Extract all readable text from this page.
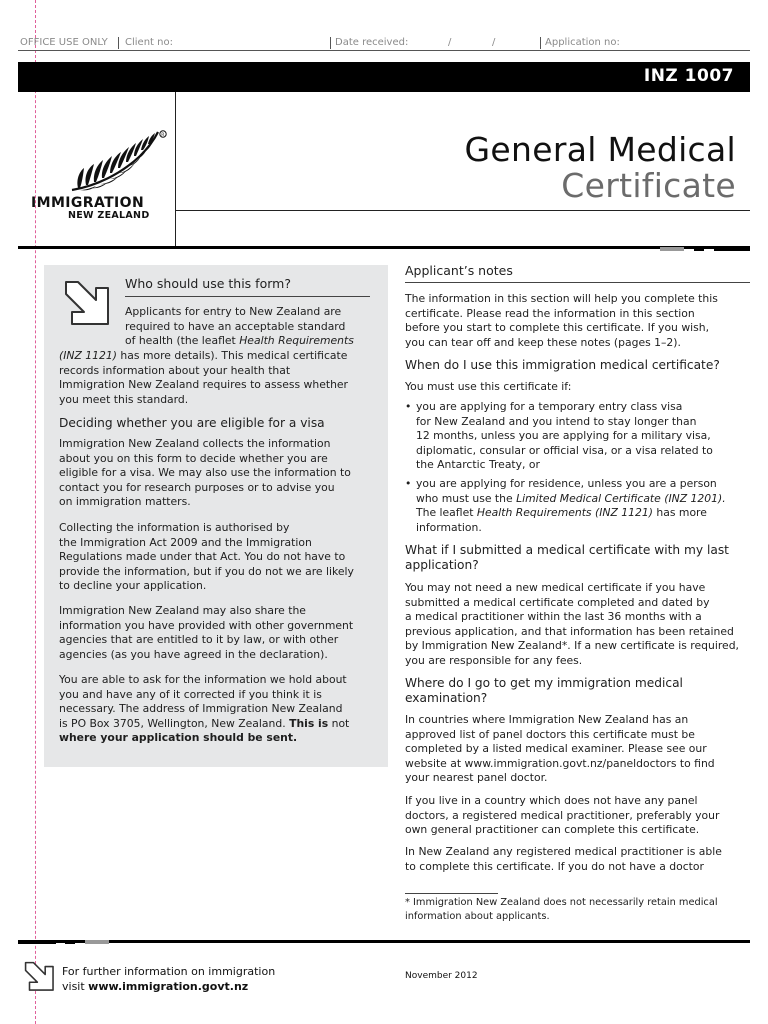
OFFICE USE ONLY Client no:	Date received:	/	/	Application no:
INZ 1007
R
IMMIGRATION
NEW ZEALAND
General Medical
Certificate
Who should use this form?
Applicants for entry to New Zealand are
required to have an acceptable standard
of health (the leaflet Health Requirements
(INZ 1121) has more details). This medical certificate
records information about your health that
Immigration New Zealand requires to assess whether
you meet this standard.
Deciding whether you are eligible for a visa
Immigration New Zealand collects the information
about you on this form to decide whether you are
eligible for a visa. We may also use the information to
contact you for research purposes or to advise you
on immigration matters.
Collecting the information is authorised by
the Immigration Act 2009 and the Immigration
Regulations made under that Act. You do not have to
provide the information, but if you do not we are likely
to decline your application.
Immigration New Zealand may also share the
information you have provided with other government
agencies that are entitled to it by law, or with other
agencies (as you have agreed in the declaration).
You are able to ask for the information we hold about
you and have any of it corrected if you think it is
necessary. The address of Immigration New Zealand
is PO Box 3705, Wellington, New Zealand. This is not
where your application should be sent.
Applicant’s notes
The information in this section will help you complete this
certificate. Please read the information in this section
before you start to complete this certificate. If you wish,
you can tear off and keep these notes (pages 1–2).
When do I use this immigration medical certificate?
You must use this certificate if:
• you are applying for a temporary entry class visa
for New Zealand and you intend to stay longer than
12 months, unless you are applying for a military visa,
diplomatic, consular or official visa, or a visa related to
the Antarctic Treaty, or
• you are applying for residence, unless you are a person
who must use the Limited Medical Certificate (INZ 1201).
The leaflet Health Requirements (INZ 1121) has more
information.
What if I submitted a medical certificate with my last
application?
You may not need a new medical certificate if you have
submitted a medical certificate completed and dated by
a medical practitioner within the last 36 months with a
previous application, and that information has been retained
by Immigration New Zealand*. If a new certificate is required,
you are responsible for any fees.
Where do I go to get my immigration medical
examination?
In countries where Immigration New Zealand has an
approved list of panel doctors this certificate must be
completed by a listed medical examiner. Please see our
website at www.immigration.govt.nz/paneldoctors to find
your nearest panel doctor.
If you live in a country which does not have any panel
doctors, a registered medical practitioner, preferably your
own general practitioner can complete this certificate.
In New Zealand any registered medical practitioner is able
to complete this certificate. If you do not have a doctor
* Immigration New Zealand does not necessarily retain medical
information about applicants.
For further information on immigration
visit www.immigration.govt.nz
November 2012
